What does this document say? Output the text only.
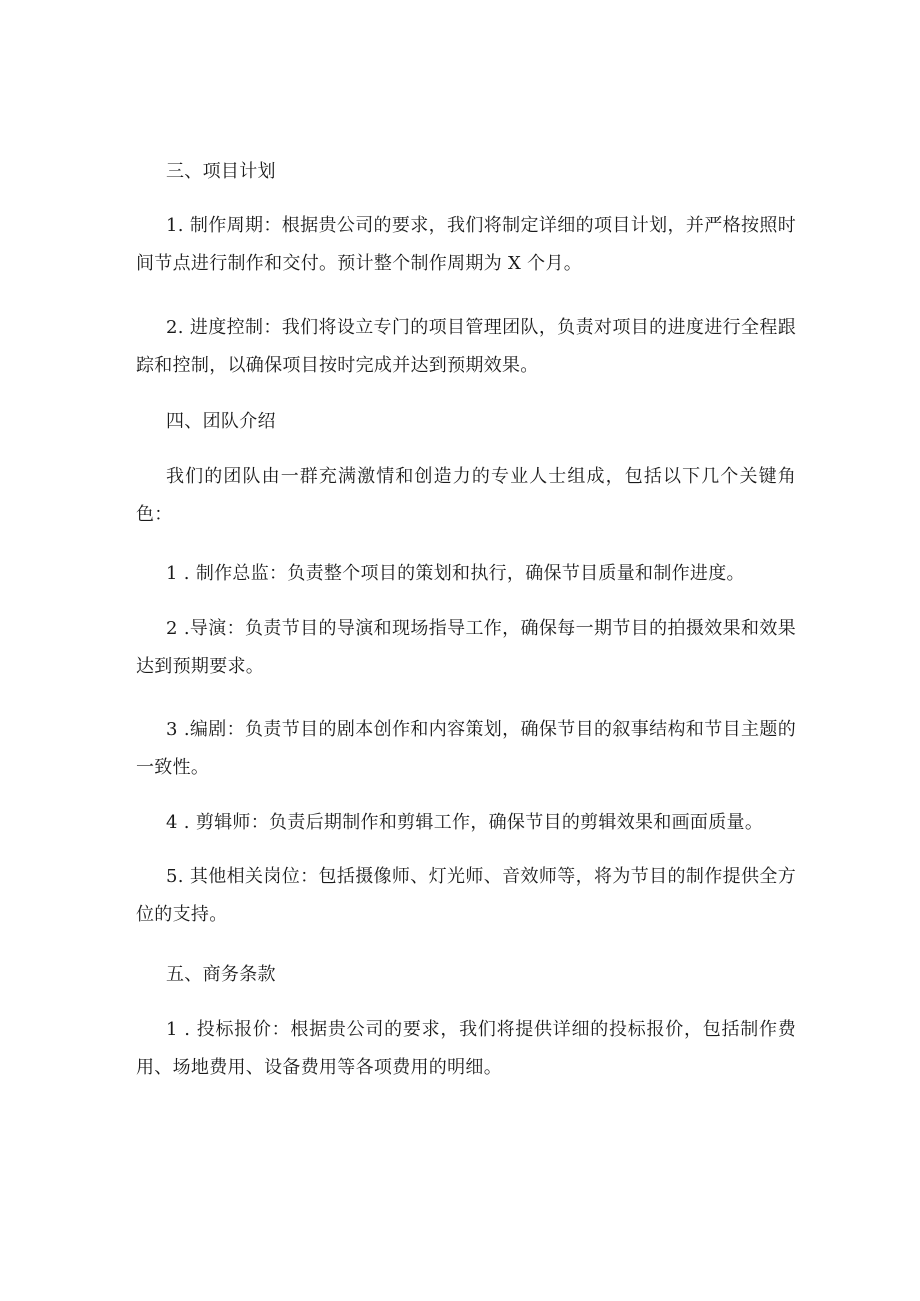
三、项目计划
1. 制作周期：根据贵公司的要求，我们将制定详细的项目计划，并严格按照时间节点进行制作和交付。预计整个制作周期为 X 个月。
2. 进度控制：我们将设立专门的项目管理团队，负责对项目的进度进行全程跟踪和控制，以确保项目按时完成并达到预期效果。
四、团队介绍
我们的团队由一群充满激情和创造力的专业人士组成，包括以下几个关键角色：
1 . 制作总监：负责整个项目的策划和执行，确保节目质量和制作进度。
2 .导演：负责节目的导演和现场指导工作，确保每一期节目的拍摄效果和效果达到预期要求。
3 .编剧：负责节目的剧本创作和内容策划，确保节目的叙事结构和节目主题的一致性。
4 . 剪辑师：负责后期制作和剪辑工作，确保节目的剪辑效果和画面质量。
5. 其他相关岗位：包括摄像师、灯光师、音效师等，将为节目的制作提供全方位的支持。
五、商务条款
1 . 投标报价：根据贵公司的要求，我们将提供详细的投标报价，包括制作费用、场地费用、设备费用等各项费用的明细。
